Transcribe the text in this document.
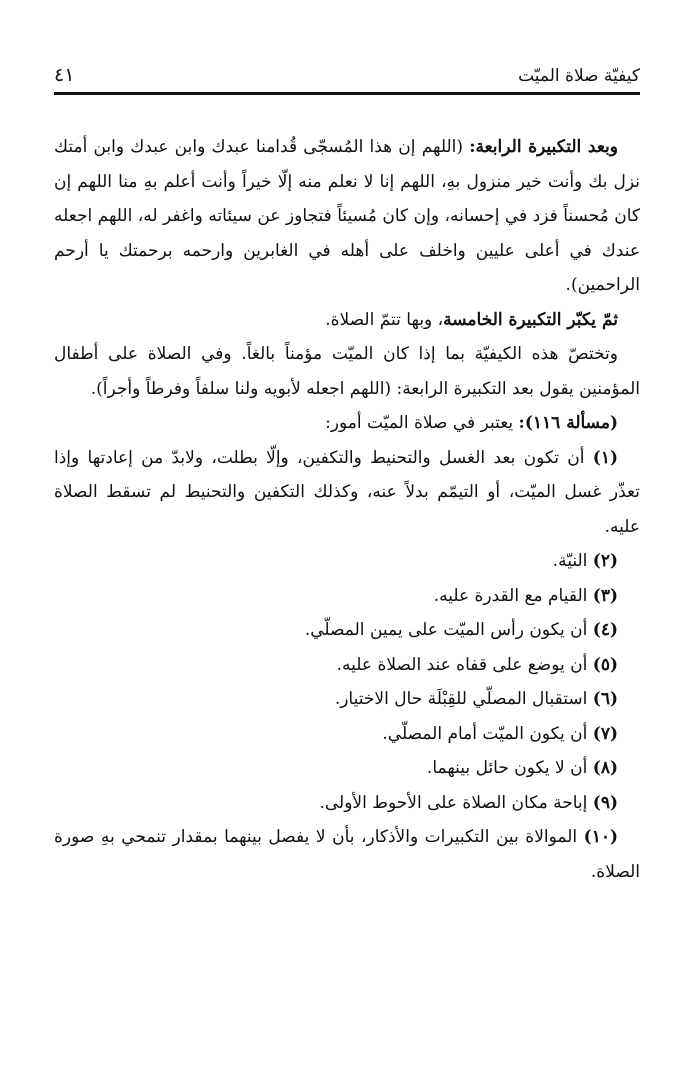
كيفيّة صلاة الميّت
٤١

وبعد التكبيرة الرابعة: (اللهم إن هذا المُسجّى قُدامنا عبدك وابن عبدك وابن أمتك نزل بك وأنت خير منزول بهِ، اللهم إنا لا نعلم منه إلّا خيراً وأنت أعلم بهِ منا اللهم إن كان مُحسناً فزد في إحسانه، وإن كان مُسيئاً فتجاوز عن سيئاته واغفر له، اللهم اجعله عندك في أعلى عليين واخلف على أهله في الغابرين وارحمه برحمتك يا أرحم الراحمين).

ثمّ يكبّر التكبيرة الخامسة، وبها تتمّ الصلاة.

وتختصّ هذه الكيفيّة بما إذا كان الميّت مؤمناً بالغاً. وفي الصلاة على أطفال المؤمنين يقول بعد التكبيرة الرابعة: (اللهم اجعله لأبويه ولنا سلفاً وفرطاً وأجراً).

(مسألة ١١٦): يعتبر في صلاة الميّت أمور:

(١) أن تكون بعد الغسل والتحنيط والتكفين، وإلّا بطلت، ولابدّ من إعادتها وإذا تعذّر غسل الميّت، أو التيمّم بدلاً عنه، وكذلك التكفين والتحنيط لم تسقط الصلاة عليه.

(٢) النيّة.

(٣) القيام مع القدرة عليه.

(٤) أن يكون رأس الميّت على يمين المصلّي.

(٥) أن يوضع على قفاه عند الصلاة عليه.

(٦) استقبال المصلّي للقِبْلَة حال الاختيار.

(٧) أن يكون الميّت أمام المصلّي.

(٨) أن لا يكون حائل بينهما.

(٩) إباحة مكان الصلاة على الأحوط الأولى.

(١٠) الموالاة بين التكبيرات والأذكار، بأن لا يفصل بينهما بمقدار تنمحي بهِ صورة الصلاة.
